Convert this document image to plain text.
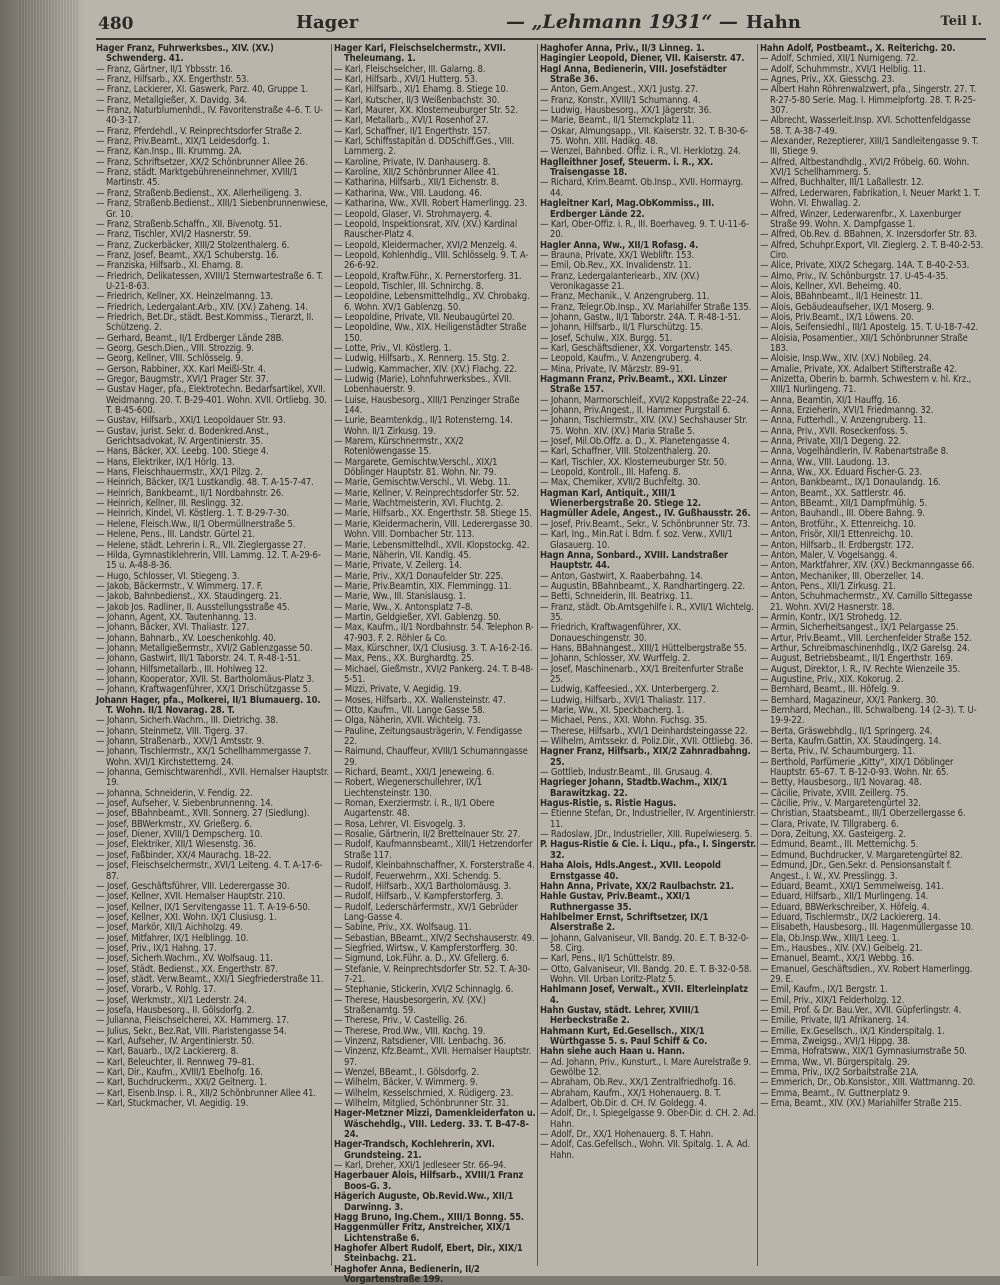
480	Hager	— „Lehmann 1931“ — Hahn	Teil I.

Hager Franz, Fuhrwerksbes., XIV. (XV.) Schwenderg. 41.

— Franz, Gärtner, II/1 Ybbsstr. 16.

— Franz, Hilfsarb., XX. Engerthstr. 53.

— Franz, Lackierer, XI. Gaswerk, Parz. 40, Gruppe 1.

— Franz, Metallgießer, X. Davidg. 34.

— Franz, Naturblumenhdl., IV. Favoritenstraße 4–6. T. U-40-3-17.

— Franz, Pferdehdl., V. Reinprechtsdorfer Straße 2.

— Franz, Priv.Beamt., XIX/1 Leidesdorfg. 1.

— Franz, Kan.Insp., III. Krummg. 2A.

— Franz, Schriftsetzer, XX/2 Schönbrunner Allee 26.

— Franz, städt. Marktgebühreneinnehmer, XVIII/1 Martinstr. 45.

— Franz, Straßenb.Bedienst., XX. Allerheiligeng. 3.

— Franz, Straßenb.Bedienst., XIII/1 Siebenbrunnenwiese, Gr. 10.

— Franz, Straßenb.Schaffn., XII. Bivenotg. 51.

— Franz, Tischler, XVI/2 Hasnerstr. 59.

— Franz, Zuckerbäcker, XIII/2 Stolzenthalerg. 6.

— Franz, Josef, Beamt., XX/1 Schuberstg. 16.

— Franziska, Hilfsarb., XI. Ehamg. 8.

— Friedrich, Delikatessen, XVIII/1 Sternwartestraße 6. T. U-21-8-63.

— Friedrich, Kellner, XX. Heinzelmanng. 13.

— Friedrich, Ledergalant.Arb., XIV. (XV.) Zaheng. 14.

— Friedrich, Bet.Dr., städt. Best.Kommiss., Tierarzt, II. Schützeng. 2.

— Gerhard, Beamt., II/1 Erdberger Lände 28B.

— Georg, Gesch.Dien., VIII. Strozzig. 9.

— Georg, Kellner, VIII. Schlösselg. 9.

— Gerson, Rabbiner, XX. Karl Meißl-Str. 4.

— Gregor, Baugmstr., XVI/1 Prager Str. 37.

— Gustav Hager, pfa., Elektrotechn. Bedarfsartikel, XVII. Weidmanng. 20. T. B-29-401. Wohn. XVII. Ortliebg. 30. T. B-45-600.

— Gustav, Hilfsarb., XXI/1 Leopoldauer Str. 93.

— Gustav, jurist. Sekr. d. Bodenkred.Anst., Gerichtsadvokat, IV. Argentinierstr. 35.

— Hans, Bäcker, XX. Leebg. 100. Stiege 4.

— Hans, Elektriker, IX/1 Hörlg. 13.

— Hans, Fleischhauermstr., XX/1 Pilzg. 2.

— Heinrich, Bäcker, IX/1 Lustkandlg. 48. T. A-15-7-47.

— Heinrich, Bankbeamt., II/1 Nordbahnstr. 26.

— Heinrich, Kellner, III. Reslingg. 32.

— Heinrich, Kindel, VI. Köstlerg. 1. T. B-29-7-30.

— Helene, Fleisch.Ww., II/1 Obermüllnerstraße 5.

— Helene, Pens., III. Landstr. Gürtel 21.

— Helene, städt. Lehrerin i. R., VII. Zieglergasse 27.

— Hilda, Gymnastiklehrerin, VIII. Lammg. 12. T. A-29-6-15 u. A-48-8-36.

— Hugo, Schlosser, VI. Stiegeng. 3.

— Jakob, Bäckermstr., V. Wimmerg. 17. F.

— Jakob, Bahnbedienst., XX. Staudingerg. 21.

— Jakob Jos. Radliner, II. Ausstellungsstraße 45.

— Johann, Agent, XX. Tautenhanng. 13.

— Johann, Bäcker, XVI. Thaliastr. 127.

— Johann, Bahnarb., XV. Loeschenkohlg. 40.

— Johann, Metallgießermstr., XVI/2 Gablenzgasse 50.

— Johann, Gastwirt, III/1 Taborstr. 24. T. R-48-1-51.

— Johann, Hilfsmetallarb., III. Hohlweg 12.

— Johann, Kooperator, XVII. St. Bartholomäus-Platz 3.

— Johann, Kraftwagenführer, XX/1 Drischützgasse 5.

Johann Hager, pfa., Molkerei, II/1 Blumauerg. 10. T. Wohn. II/1 Novarag. 28. T.

— Johann, Sicherh.Wachm., III. Dietrichg. 38.

— Johann, Steinmetz, VIII. Tigerg. 37.

— Johann, Straßenarb., XXV/1 Amtsstr. 9.

— Johann, Tischlermstr., XX/1 Schellhammergasse 7. Wohn. XVI/1 Kirchstetterng. 24.

— Johanna, Gemischtwarenhdl., XVII. Hernalser Hauptstr. 19.

— Johanna, Schneiderin, V. Fendig. 22.

— Josef, Aufseher, V. Siebenbrunnenng. 14.

— Josef, BBahnbeamt., XVII. Sonnerg. 27 (Siedlung).

— Josef, BBWerkmstr., XV. Grießerg. 6.

— Josef, Diener, XVIII/1 Dempscherg. 10.

— Josef, Elektriker, XII/1 Wiesenstg. 36.

— Josef, Faßbinder, XX/4 Maurachg. 18–22.

— Josef, Fleischselchermstr., XVI/1 Leiteng. 4. T. A-17-6-87.

— Josef, Geschäftsführer, VIII. Lederergasse 30.

— Josef, Kellner, XVII. Hernalser Hauptstr. 210.

— Josef, Kellner, IX/1 Servitengasse 11. T. A-19-6-50.

— Josef, Kellner, XXI. Wohn. IX/1 Clusiusg. 1.

— Josef, Markör, XII/1 Aichholzg. 49.

— Josef, Mitfahrer, IX/1 Helblingg. 10.

— Josef, Priv., IX/1 Hahng. 17.

— Josef, Sicherh.Wachm., XV. Wolfsaug. 11.

— Josef, Städt. Bedienst., XX. Engerthstr. 87.

— Josef, städt. Verw.Beamt., XXI/1 Siegfriederstraße 11.

— Josef, Vorarb., V. Rohlg. 17.

— Josef, Werkmstr., XI/1 Lederstr. 24.

— Josefa, Hausbesorg., II. Gölsdorfg. 2.

— Julianna, Fleischselcherei, XX. Hammerg. 17.

— Julius, Sekr., Bez.Rat, VIII. Piaristengasse 54.

— Karl, Aufseher, IV. Argentinierstr. 50.

— Karl, Bauarb., IX/2 Lackiererg. 8.

— Karl, Beleuchter, II. Rennweg 79–81.

— Karl, Dir., Kaufm., XVIII/1 Ebelhofg. 16.

— Karl, Buchdruckerm., XXI/2 Geitnerg. 1.

— Karl, Eisenb.Insp. i. R., XII/2 Schönbrunner Allee 41.

— Karl, Stuckmacher, VI. Aegidig. 19.

Hager Karl, Fleischselchermstr., XVII. Theleumang. 1.

— Karl, Fleischselcher, III. Galarng. 8.

— Karl, Hilfsarb., XVI/1 Hutterg. 53.

— Karl, Hilfsarb., XI/1 Ehamg. 8. Stiege 10.

— Karl, Kutscher, II/3 Weißenbachstr. 30.

— Karl, Maurer, XX. Klosterneuburger Str. 52.

— Karl, Metallarb., XVI/1 Rosenhof 27.

— Karl, Schaffner, II/1 Engerthstr. 157.

— Karl, Schiffsstapitän d. DDSchiff.Ges., VIII. Lammerg. 2.

— Karoline, Private, IV. Danhauserg. 8.

— Karoline, XII/2 Schönbrunner Allee 41.

— Katharina, Hilfsarb., XII/1 Eichenstr. 8.

— Katharina, Ww., VIII. Laudong. 46.

— Katharina, Ww., XVII. Robert Hamerlingg. 23.

— Leopold, Glaser, VI. Strohmayerg. 4.

— Leopold, Inspektionsrat, XIV. (XV.) Kardinal Rauscher-Platz 4.

— Leopold, Kleidermacher, XVI/2 Menzelg. 4.

— Leopold, Kohlenhdlg., VIII. Schlösselg. 9. T. A-26-6-92.

— Leopold, Kraftw.Führ., X. Pernerstorferg. 31.

— Leopold, Tischler, III. Schnirchg. 8.

— Leopoldine, Lebensmittelhdlg., XV. Chrobakg. 6. Wohn. XV/1 Gablenzg. 50.

— Leopoldine, Private, VII. Neubaugürtel 20.

— Leopoldine, Ww., XIX. Heiligenstädter Straße 150.

— Lotte, Priv., VI. Köstlerg. 1.

— Ludwig, Hilfsarb., X. Rennerg. 15. Stg. 2.

— Ludwig, Kammacher, XIV. (XV.) Flachg. 22.

— Ludwig (Marie), Lohnfuhrwerksbes., XVII. Lobenhauerstr. 9.

— Luise, Hausbesorg., XIII/1 Penzinger Straße 144.

— Lurie, Beamtenkdg., II/1 Rotensterng. 14. Wohn. II/1 Zirkusg. 19.

— Marem, Kürschnermstr., XX/2 Rotenlöwengasse 15.

— Margarete, Gemischtw.Verschl., XIX/1 Döblinger Hauptstr. 81. Wohn. Nr. 79.

— Marie, Gemischtw.Verschl., VI. Webg. 11.

— Marie, Kellner, V. Reinprechtsdorfer Str. 52.

— Marie, Wachtmeisterin, XVI. Fluchtg. 2.

— Marie, Hilfsarb., XX. Engerthstr. 58. Stiege 15.

— Marie, Kleidermacherin, VIII. Lederergasse 30. Wohn. VIII. Dornbacher Str. 113.

— Marie, Lebensmittelhdl., XVII. Klopstockg. 42.

— Marie, Näherin, VII. Kandlg. 45.

— Marie, Private, V. Zeilerg. 14.

— Marie, Priv., XX/1 Donaufelder Str. 225.

— Marie, Priv.Beamtin, XIX. Flemmingg. 11.

— Marie, Ww., III. Stanislausg. 1.

— Marie, Ww., X. Antonsplatz 7–8.

— Martin, Geldgießer, XVI. Gablenzg. 50.

— Max, Kaufm., II/1 Nordbahnstr. 54. Telephon R-47-903. F. 2. Röhler & Co.

— Max, Kürschner, IX/1 Clusiusg. 3. T. A-16-2-16.

— Max, Pens., XX. Burghardtg. 25.

— Michael, Gießmstr., XVI/2 Pankerg. 24. T. B-48-5-51.

— Mizzi, Private, V. Aegidig. 19.

— Moses, Hilfsarb., XX. Wallensteinstr. 47.

— Otto, Kaufm., VII. Lange Gasse 58.

— Olga, Näherin, XVII. Wichtelg. 73.

— Pauline, Zeitungsausträgerin, V. Fendigasse 22.

— Raimund, Chauffeur, XVIII/1 Schumanngasse 29.

— Richard, Beamt., XXI/1 Jeneweing. 6.

— Robert, Wiegenerschullehrer, IX/1 Liechtensteinstr. 130.

— Roman, Exerziermstr. i. R., II/1 Obere Augartenstr. 48.

— Rosa, Lehrer, VI. Eisvogelg. 3.

— Rosalie, Gärtnerin, II/2 Brettelnauer Str. 27.

— Rudolf, Kaufmannsbeamt., XIII/1 Hetzendorfer Straße 117.

— Rudolf, Kleinbahnschaffner, X. Forsterstraße 4.

— Rudolf, Feuerwehrm., XXI. Schendg. 5.

— Rudolf, Hilfsarb., XX/1 Bartholomäusg. 3.

— Rudolf, Hilfsarb., V. Kampferstorferg. 3.

— Rudolf, Lederschärfermstr., XV/1 Gebrüder Lang-Gasse 4.

— Sabine, Priv., XX. Wolfsaug. 11.

— Sebastian, BBeamt., XIV/2 Sechshauserstr. 49.

— Siegfried, Wirtsw., V. Kampferstorfferg. 30.

— Sigmund, Lok.Führ. a. D., XV. Gfellerg. 6.

— Stefanie, V. Reinprechtsdorfer Str. 52. T. A-30-7-21.

— Stephanie, Stickerin, XVI/2 Schinnaglg. 6.

— Therese, Hausbesorgerin, XV. (XV.) Straßenamtg. 59.

— Therese, Priv., V. Castellig. 26.

— Therese, Prod.Ww., VIII. Kochg. 19.

— Vinzenz, Ratsdiener, VIII. Lenbachg. 36.

— Vinzenz, Kfz.Beamt., XVII. Hernalser Hauptstr. 97.

— Wenzel, BBeamt., I. Gölsdorfg. 2.

— Wilhelm, Bäcker, V. Wimmerg. 9.

— Wilhelm, Kesselschmied, X. Rüdigerg. 23.

— Wilhelm, Mitglied, Schönbrunner Str. 31.

Hager-Metzner Mizzi, Damenkleiderfaton u. Wäschehdlg., VIII. Lederg. 33. T. B-47-8-24.

Hager-Trandsch, Kochlehrerin, XVI. Grundsteing. 21.

— Karl, Dreher, XXI/1 Jedleseer Str. 66–94.

Hagerbauer Alois, Hilfsarb., XVIII/1 Franz Boos-G. 3.

Hägerich Auguste, Ob.Revid.Ww., XII/1 Darwinng. 3.

Hagg Bruno, Ing.Chem., XIII/1 Bonng. 55.

Haggenmüller Fritz, Anstreicher, XIX/1 Lichtenstraße 6.

Haghofer Albert Rudolf, Ebert, Dir., XIX/1 Steinbachg. 21.

Haghofer Anna, Bedienerin, II/2 Vorgartenstraße 199.

Haghofer Anna, Priv., II/3 Linneg. 1.

Hagingier Leopold, Diener, VII. Kaiserstr. 47.

Hagl Anna, Bedienerin, VIII. Josefstädter Straße 36.

— Anton, Gem.Angest., XX/1 Justg. 27.

— Franz, Konstr., XVIII/1 Schumanng. 4.

— Ludwig, Hausbesorg., XX/1 Jägerstr. 36.

— Marie, Beamt., II/1 Sternckplatz 11.

— Oskar, Almungsapp., VII. Kaiserstr. 32. T. B-30-6-75. Wohn. XIII. Hadikg. 48.

— Wenzel, Bahnbed. Offiz. i. R., VI. Herklotzg. 24.

Haglleithner Josef, Steuerm. i. R., XX. Traisengasse 18.

— Richard, Krim.Beamt. Ob.Insp., XVII. Hormayrg. 44.

Hagleitner Karl, Mag.ObKommiss., III. Erdberger Lände 22.

— Karl, Ober-Offiz. i. R., III. Boerhaveg. 9. T. U-11-6-20.

Hagler Anna, Ww., XII/1 Rofasg. 4.

— Brauna, Private, XX/1 Webliftr. 153.

— Emil, Ob.Rev., XX. Invalidenstr. 11.

— Franz, Ledergalanteriearb., XIV. (XV.) Veronikagasse 21.

— Franz, Mechanik., V. Anzengruberg. 11.

— Franz, Telegr.Ob.Insp., XV. Mariahilfer Straße 135.

— Johann, Gastw., II/1 Taborstr. 24A. T. R-48-1-51.

— Johann, Hilfsarb., II/1 Flurschützg. 15.

— Josef, Schulw., XIX. Burgg. 51.

— Karl, Geschäftsdiener, XX. Vorgartenstr. 145.

— Leopold, Kaufm., V. Anzengruberg. 4.

— Mina, Private, IV. Märzstr. 89–91.

Hagmann Franz, Priv.Beamt., XXI. Linzer Straße 157.

— Johann, Marmorschleif., XVI/2 Koppstraße 22–24.

— Johann, Priv.Angest., II. Hammer Purgstall 6.

— Johann, Tischlermstr., XIV. (XV.) Sechshauser Str. 75. Wohn. XIV. (XV.) Maria Straße 5.

— Josef, Mil.Ob.Offz. a. D., X. Planetengasse 4.

— Karl, Schaffner, VIII. Stolzenthalerg. 20.

— Karl, Tischler, XX. Klosterneuburger Str. 50.

— Leopold, Kontroll., III. Hafeng. 8.

— Max, Chemiker, XVII/2 Buchfeltg. 30.

Hagman Karl, Antiquit., XIII/1 Wienerbergstraße 20. Stiege 12.

Hagmüller Adele, Angest., IV. Gußhausstr. 26.

— Josef, Priv.Beamt., Sekr., V. Schönbrunner Str. 73.

— Karl, Ing., Min.Rat i. Bdm. f. soz. Verw., XVII/1 Glasauerg. 10.

Hagn Anna, Sonbard., XVIII. Landstraßer Hauptstr. 44.

— Anton, Gastwirt, X. Raaberbahng. 14.

— Augustin, BBahnbeamt., X. Randhartingerg. 22.

— Betti, Schneiderin, III. Beatrixg. 11.

— Franz, städt. Ob.Amtsgehilfe i. R., XVII/1 Wichtelg. 35.

— Friedrich, Kraftwagenführer, XX. Donaueschingenstr. 30.

— Hans, BBahnangest., XIII/1 Hüttelbergstraße 55.

— Johann, Schlosser, XV. Wurffelg. 2.

— Josef, Maschinenarb., XX/1 Breitenfurter Straße 25.

— Ludwig, Kaffeesied., XX. Unterbergerg. 2.

— Ludwig, Hilfsarb., XVI/1 Thaliastr. 117.

— Marie, Ww., XI. Speckbacherg. 1.

— Michael, Pens., XXI. Wohn. Fuchsg. 35.

— Therese, Hilfsarb., XVI/1 Deinhardsteingasse 22.

— Wilhelm, Amtssekr. d. Poliz.Dir., XVII. Ottliebg. 36.

Hagner Franz, Hilfsarb., XIX/2 Zahnradbahng. 25.

— Gottlieb, Industr.Beamt., III. Grusaug. 4.

Hagrieger Johann, Stadtb.Wachm., XIX/1 Barawitzkag. 22.

Hagus-Ristie, s. Ristie Hagus.

— Etienne Stefan, Dr., Industrieller, IV. Argentinierstr. 11.

— Radoslaw, JDr., Industrieller, XIII. Rupelwieserg. 5.

P. Hagus-Ristie & Cie. i. Liqu., pfa., I. Singerstr. 32.

Haha Alois, Hdls.Angest., XVII. Leopold Ernstgasse 40.

Hahn Anna, Private, XX/2 Raulbachstr. 21.

Hahle Gustav, Priv.Beamt., XXI/1 Ruthnergasse 35.

Hahlbelmer Ernst, Schriftsetzer, IX/1 Alserstraße 2.

— Johann, Galvaniseur, VII. Bandg. 20. E. T. B-32-0-58. Cirg.

— Karl, Pens., II/1 Schüttelstr. 89.

— Otto, Galvaniseur, VII. Bandg. 20. E. T. B-32-0-58. Wohn. VII. Urban Loritz-Platz 5.

Hahlmann Josef, Verwalt., XVII. Elterleinplatz 4.

Hahn Gustav, städt. Lehrer, XVIII/1 Herbeckstraße 2.

Hahmann Kurt, Ed.Gesellsch., XIX/1 Würthgasse 5. s. Paul Schiff & Co.

Hahn siehe auch Haan u. Hann.

— Ad. Johann, Priv., Kunsturt., I. Mare Aurelstraße 9. Gewölbe 12.

— Abraham, Ob.Rev., XX/1 Zentralfriedhofg. 16.

— Abraham, Kaufm., XX/1 Hohenauerg. 8. T.

— Adalbert, Ob.Dir. d. CH. IV. Goldegg. 4.

— Adolf, Dr., I. Spiegelgasse 9. Ober-Dir. d. CH. 2. Ad. Hahn.

— Adolf, Dr., XX/1 Hohenauerg. 8. T. Hahn.

— Adolf, Cas.Gefellsch., Wohn. VII. Spitalg. 1. A. Ad. Hahn.

Hahn Adolf, Postbeamt., X. Reiterichg. 20.

— Adolf, Schmied, XII/1 Nurnigeng. 72.

— Adolf, Schuhmmstr., XVI/1 Helblig. 11.

— Agnes, Priv., XX. Giesschg. 23.

— Albert Hahn Röhrenwalzwert, pfa., Singerstr. 27. T. R-27-5-80 Serie. Mag. I. Himmelpfortg. 28. T. R-25-307.

— Albrecht, Wasserleit.Insp. XVI. Schottenfeldgasse 58. T. A-38-7-49.

— Alexander, Rezeptierer, XIII/1 Sandleitengasse 9. T. III, Stiege 9.

— Alfred, Altbestandhdlg., XVI/2 Fröbelg. 60. Wohn. XVI/1 Schellhammerg. 5.

— Alfred, Buchhalter, III/1 Laßallestr. 12.

— Alfred, Lederwaren, Fabrikation, I. Neuer Markt 1. T. Wohn. VI. Ehwallag. 2.

— Alfred, Winzer, Lederwarenfbr., X. Laxenburger Straße 99. Wohn. X. Dampfgasse 1.

— Alfred, Ob.Rev. d. BBahnen, X. Inzersdorfer Str. 83.

— Alfred, Schuhpr.Export, VII. Zieglerg. 2. T. B-40-2-53. Ciro.

— Alice, Private, XIX/2 Schegarg. 14A. T. B-40-2-53.

— Almo, Priv., IV. Schönburgstr. 17. U-45-4-35.

— Alois, Kellner, XVI. Beheimg. 40.

— Alois, BBahnbeamt., II/1 Heinestr. 11.

— Alois, Gebäudeaufseher, IX/1 Moserg. 9.

— Alois, Priv.Beamt., IX/1 Löwens. 20.

— Alois, Seifensiedhl., III/1 Apostelg. 15. T. U-18-7-42.

— Aloisia, Posamentier., XII/1 Schönbrunner Straße 183.

— Aloisie, Insp.Ww., XIV. (XV.) Nobileg. 24.

— Amalie, Private, XX. Adalbert Stifterstraße 42.

— Anizetta, Oberin b. barmh. Schwestern v. hl. Krz., XIII/1 Nurlingeng. 71.

— Anna, Beamtin, XI/1 Hauffg. 16.

— Anna, Erzieherin, XVI/1 Friedmanng. 32.

— Anna, Futterhdl., V. Anzengruberg. 11.

— Anna, Priv., XVII. Roseckenfoss. 5.

— Anna, Private, XII/1 Degeng. 22.

— Anna, Vogelhändlerin, IV. Rabenartstraße 8.

— Anna, Ww., VIII. Laudong. 13.

— Anna, Ww., XX. Eduard Fischer-G. 23.

— Anton, Bankbeamt., IX/1 Donaulandg. 16.

— Anton, Beamt., XX. Sattlerstr. 46.

— Anton, BBeamt., XII/1 Dampfmühlg. 5.

— Anton, Bauhandl., III. Obere Bahng. 9.

— Anton, Brotführ., X. Ettenreichg. 10.

— Anton, Frisör, XII/1 Ettenreichg. 10.

— Anton, Hilfsarb., II. Erdbergstr. 172.

— Anton, Maler, V. Vogelsangg. 4.

— Anton, Marktfahrer, XIV. (XV.) Beckmanngasse 66.

— Anton, Mechaniker, III. Oberzeller. 14.

— Anton, Pens., XII/1 Zirkusg. 21.

— Anton, Schuhmachermstr., XV. Camillo Sittegasse 21. Wohn. XVI/2 Hasnerstr. 18.

— Armin, Kontr., IX/1 Strohedg. 12.

— Armin, Sicherheitsangest., IX/1 Pelargasse 25.

— Artur, Priv.Beamt., VIII. Lerchenfelder Straße 152.

— Arthur, Schreibmaschinenhdlg., IX/2 Garelsg. 24.

— August, Betriebsbeamt., II/1 Engerthstr. 169.

— August, Direktor, I. R., IV. Rechte Wienzeile 35.

— Augustine, Priv., XIX. Kokorug. 2.

— Bernhard, Beamt., III. Höfelg. 9.

— Bernhard, Magazineur, XX/1 Pankerg. 30.

— Bernhard, Mechan., III. Schwalbeng. 14 (2–3). T. U-19-9-22.

— Berta, Gräswebhdlg., II/1 Springerg. 24.

— Berta, Kaufm.Gattin, XX. Staudingerg. 14.

— Berta, Priv., IV. Schaumburgerg. 11.

— Berthold, Parfümerie „Kitty“, XIX/1 Döblinger Hauptstr. 65–67. T. B-12-0-93. Wohn. Nr. 65.

— Betty, Hausbesorg., II/1 Novarag. 48.

— Cäcilie, Private, XVIII. Zeillerg. 75.

— Cäcilie, Priv., V. Margaretengürtel 32.

— Christian, Staatsbeamt., III/1 Oberzellergasse 6.

— Clara, Private, IV. Tillgraberg. 6.

— Dora, Zeitung, XX. Gasteigerg. 2.

— Edmund, Beamt., III. Metternichg. 5.

— Edmund, Buchdrucker, V. Margaretengürtel 82.

— Edmund, JDr., Gen.Sekr. d. Pensionsanstalt f. Angest., I. W., XV. Presslingg. 3.

— Eduard, Beamt., XXI/1 Semmelweisg. 141.

— Eduard, Hilfsarb., XII/1 Murlingeng. 14.

— Eduard, BBWerkschreiber, X. Höfelg. 4.

— Eduard, Tischlermstr., IX/2 Lackiererg. 14.

— Elisabeth, Hausbesorg., III. Hagenmüllergasse 10.

— Ela, Ob.Insp.Ww., XIII/1 Leeg. 1.

— Em., Hausbes., XIV. (XV.) Geibelg. 21.

— Emanuel, Beamt., XX/1 Webbg. 16.

— Emanuel, Geschäftsdien., XV. Robert Hamerlingg. 29. E.

— Emil, Kaufm., IX/1 Bergstr. 1.

— Emil, Priv., XIX/1 Felderholzg. 12.

— Emil, Prof. & Dr. Bau.Ver., XVII. Güpferlingstr. 4.

— Emilie, Private, II/1 Afrikanerg. 14.

— Emilie, Ex.Gesellsch., IX/1 Kinderspitalg. 1.

— Emma, Zweigsg., XVI/1 Hippg. 38.

— Emma, Hofratsww., XIX/1 Gymnasiumstraße 50.

— Emma, Ww., VI. Bürgerspitalg. 29.

— Emma, Priv., IX/2 Sorbaitstraße 21A.

— Emmerich, Dr., Ob.Konsistor., XIII. Wattmanng. 20.

— Emma, Beamt., IV. Guttnerplatz 9.

— Erna, Beamt., XIV. (XV.) Mariahilfer Straße 215.
